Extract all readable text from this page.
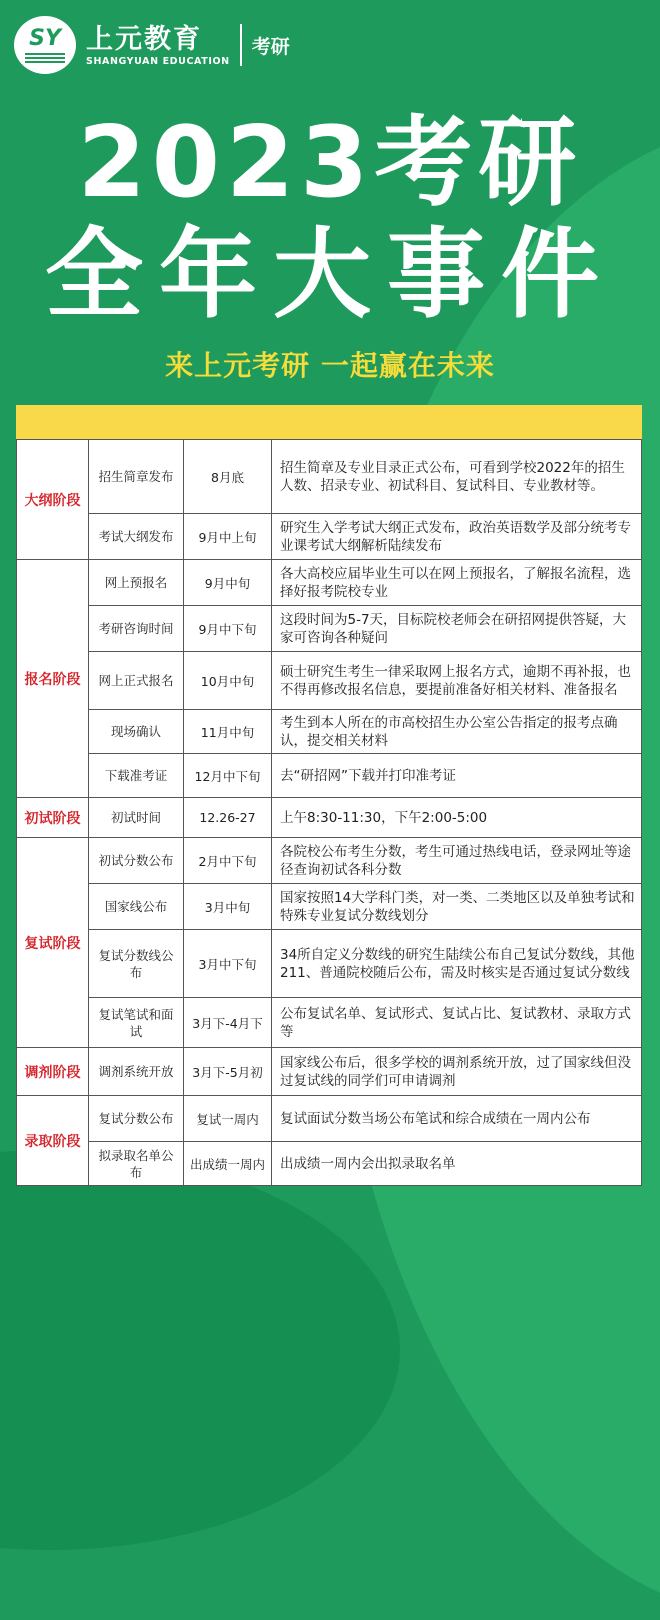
SY 上元教育
SHANGYUAN EDUCATION
考研
2023考研
全年大事件
来上元考研 一起赢在未来
大纲阶段	招生简章发布	8月底	招生简章及专业目录正式公布，可看到学校2022年的招生人数、招录专业、初试科目、复试科目、专业教材等。
	考试大纲发布	9月中上旬	研究生入学考试大纲正式发布，政治英语数学及部分统考专业课考试大纲解析陆续发布
报名阶段	网上预报名	9月中旬	各大高校应届毕业生可以在网上预报名，了解报名流程，选择好报考院校专业
	考研咨询时间	9月中下旬	这段时间为5-7天，目标院校老师会在研招网提供答疑，大家可咨询各种疑问
	网上正式报名	10月中旬	硕士研究生考生一律采取网上报名方式，逾期不再补报，也不得再修改报名信息，要提前准备好相关材料、准备报名
	现场确认	11月中旬	考生到本人所在的市高校招生办公室公告指定的报考点确认，提交相关材料
	下载准考证	12月中下旬	去“研招网”下载并打印准考证
初试阶段	初试时间	12.26-27	上午8:30-11:30，下午2:00-5:00
复试阶段	初试分数公布	2月中下旬	各院校公布考生分数，考生可通过热线电话，登录网址等途径查询初试各科分数
	国家线公布	3月中旬	国家按照14大学科门类，对一类、二类地区以及单独考试和特殊专业复试分数线划分
	复试分数线公布	3月中下旬	34所自定义分数线的研究生陆续公布自己复试分数线，其他211、普通院校随后公布，需及时核实是否通过复试分数线
	复试笔试和面试	3月下-4月下	公布复试名单、复试形式、复试占比、复试教材、录取方式等
调剂阶段	调剂系统开放	3月下-5月初	国家线公布后，很多学校的调剂系统开放，过了国家线但没过复试线的同学们可申请调剂
录取阶段	复试分数公布	复试一周内	复试面试分数当场公布笔试和综合成绩在一周内公布
	拟录取名单公布	出成绩一周内	出成绩一周内会出拟录取名单
